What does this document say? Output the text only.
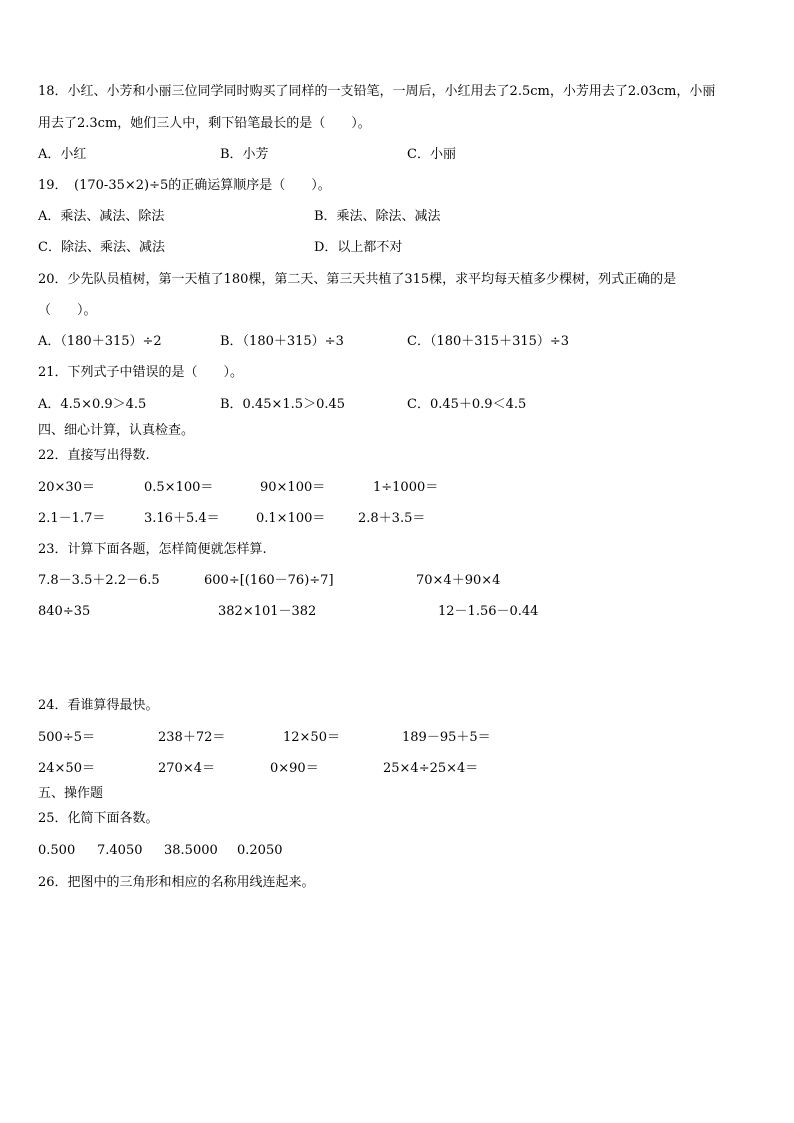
18．小红、小芳和小丽三位同学同时购买了同样的一支铅笔，一周后，小红用去了2.5cm，小芳用去了2.03cm，小丽
用去了2.3cm，她们三人中，剩下铅笔最长的是（　　）。
A．小红	B．小芳	C．小丽
19．　(170-35×2)÷5的正确运算顺序是（　　）。
A．乘法、减法、除法	B．乘法、除法、减法
C．除法、乘法、减法	D．以上都不对
20．少先队员植树，第一天植了180棵，第二天、第三天共植了315棵，求平均每天植多少棵树，列式正确的是
（　　）。
A．（180＋315）÷2	B．（180＋315）÷3	C．（180＋315＋315）÷3
21．下列式子中错误的是（　　）。
A．4.5×0.9＞4.5	B．0.45×1.5＞0.45	C．0.45＋0.9＜4.5
四、细心计算，认真检查。
22．直接写出得数.
20×30＝	0.5×100＝	90×100＝	1÷1000＝
2.1－1.7＝	3.16＋5.4＝	0.1×100＝	2.8＋3.5＝
23．计算下面各题，怎样简便就怎样算.
7.8－3.5＋2.2－6.5	600÷[(160－76)÷7]	70×4＋90×4
840÷35	382×101－382	12－1.56－0.44
24．看谁算得最快。
500÷5＝	238＋72＝	12×50＝	189－95＋5＝
24×50＝	270×4＝	0×90＝	25×4÷25×4＝
五、操作题
25．化简下面各数。
0.500 7.4050 38.5000 0.2050
26．把图中的三角形和相应的名称用线连起来。
